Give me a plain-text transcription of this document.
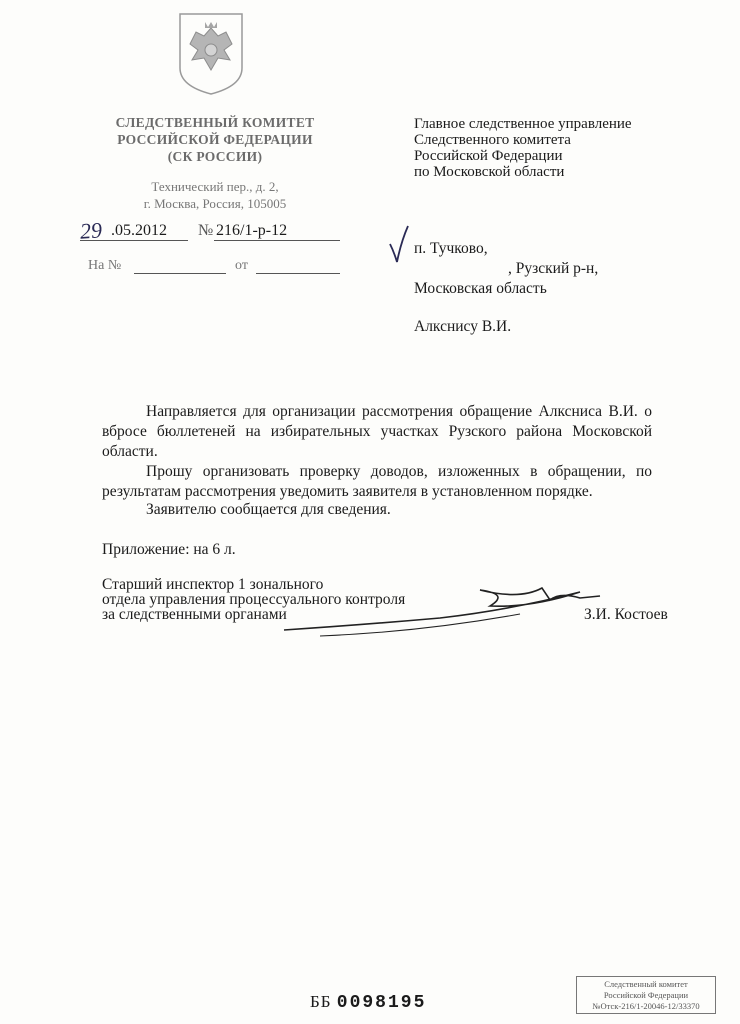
СЛЕДСТВЕННЫЙ КОМИТЕТ
РОССИЙСКОЙ ФЕДЕРАЦИИ
(СК РОССИИ)
Технический пер., д. 2,
г. Москва, Россия, 105005
29 .05.2012 № 216/1-р-12
На №	от
Главное следственное управление
Следственного комитета
Российской Федерации
по Московской области
п. Тучково,
, Рузский р-н,
Московская область
Алкснису В.И.
Направляется для организации рассмотрения обращение Алксниса В.И. о вбросе бюллетеней на избирательных участках Рузского района Московской области.
Прошу организовать проверку доводов, изложенных в обращении, по результатам рассмотрения уведомить заявителя в установленном порядке.
Заявителю сообщается для сведения.
Приложение: на 6 л.
Старший инспектор 1 зонального
отдела управления процессуального контроля
за следственными органами	З.И. Костоев
ББ 0098195
Следственный комитет
Российской Федерации
№Отск-216/1-20046-12/33370
